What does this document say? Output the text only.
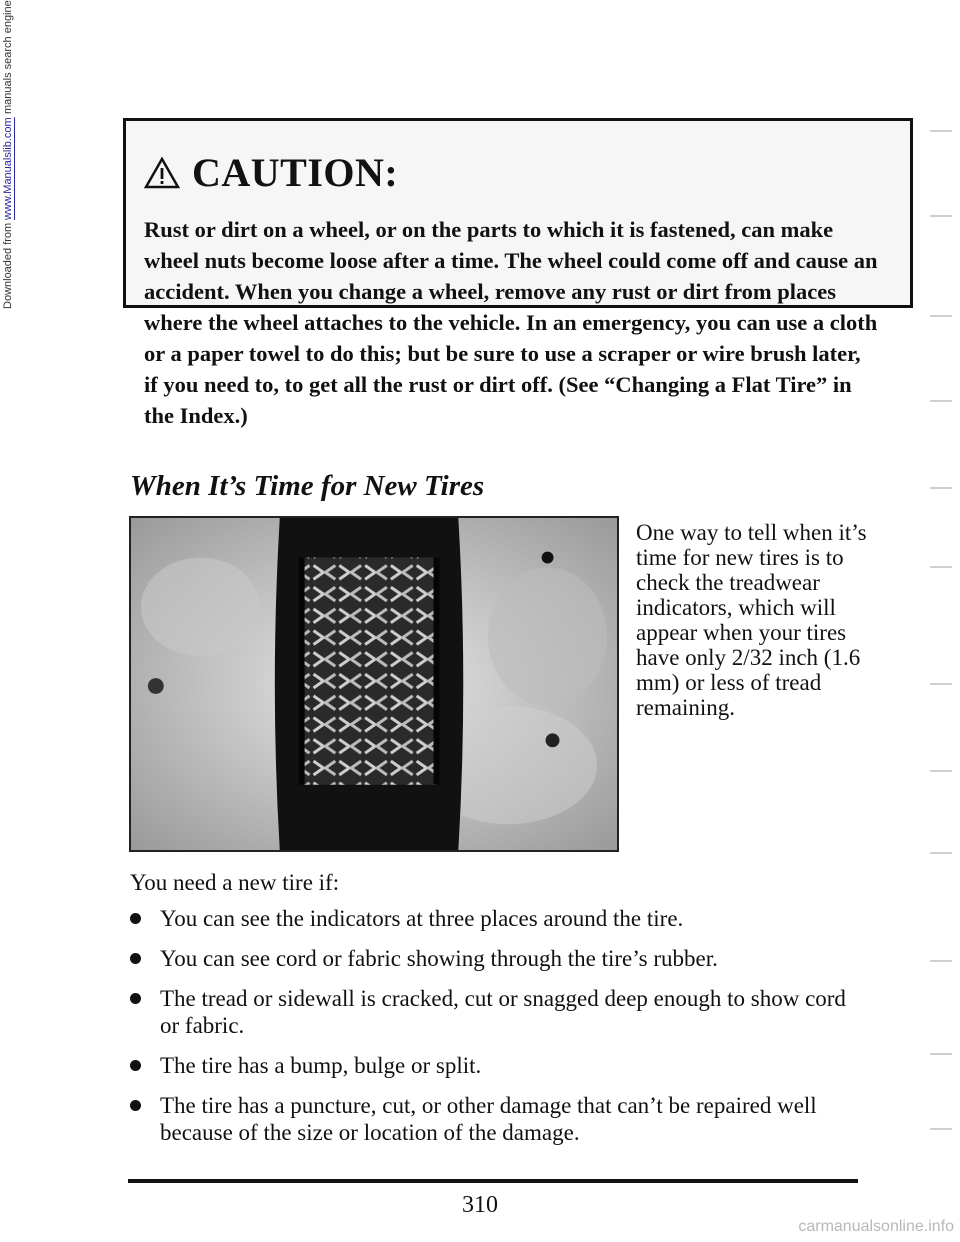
Downloaded from

www.Manualslib.com

manuals search engine
CAUTION:

Rust or dirt on a wheel, or on the parts to which it is fastened, can make wheel nuts become loose after a time. The wheel could come off and cause an accident. When you change a wheel, remove any rust or dirt from places where the wheel attaches to the vehicle. In an emergency, you can use a cloth or a paper towel to do this; but be sure to use a scraper or wire brush later, if you need to, to get all the rust or dirt off. (See “Changing a Flat Tire” in the Index.)

When It’s Time for New Tires

One way to tell when it’s time for new tires is to check the treadwear indicators, which will appear when your tires have only 2/32 inch (1.6 mm) or less of tread remaining.

You need a new tire if:

You can see the indicators at three places around the tire.
You can see cord or fabric showing through the tire’s rubber.
The tread or sidewall is cracked, cut or snagged deep enough to show cord or fabric.
The tire has a bump, bulge or split.
The tire has a puncture, cut, or other damage that can’t be repaired well because of the size or location of the damage.
310
carmanualsonline.info
